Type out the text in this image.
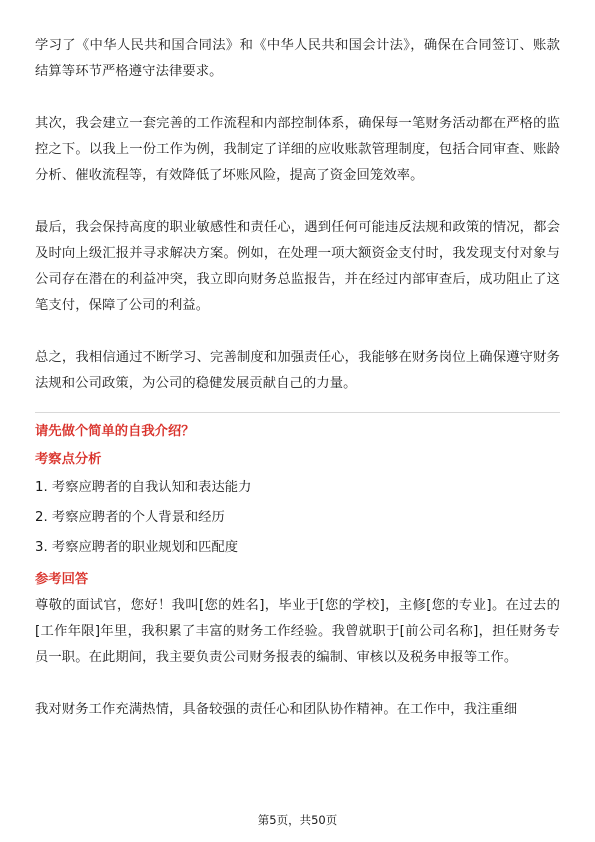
学习了《中华人民共和国合同法》和《中华人民共和国会计法》，确保在合同签订、账款结算等环节严格遵守法律要求。

其次，我会建立一套完善的工作流程和内部控制体系，确保每一笔财务活动都在严格的监控之下。以我上一份工作为例，我制定了详细的应收账款管理制度，包括合同审查、账龄分析、催收流程等，有效降低了坏账风险，提高了资金回笼效率。

最后，我会保持高度的职业敏感性和责任心，遇到任何可能违反法规和政策的情况，都会及时向上级汇报并寻求解决方案。例如，在处理一项大额资金支付时，我发现支付对象与公司存在潜在的利益冲突，我立即向财务总监报告，并在经过内部审查后，成功阻止了这笔支付，保障了公司的利益。

总之，我相信通过不断学习、完善制度和加强责任心，我能够在财务岗位上确保遵守财务法规和公司政策，为公司的稳健发展贡献自己的力量。

请先做个简单的自我介绍？

考察点分析

1. 考察应聘者的自我认知和表达能力

2. 考察应聘者的个人背景和经历

3. 考察应聘者的职业规划和匹配度

参考回答

尊敬的面试官，您好！我叫[您的姓名]，毕业于[您的学校]，主修[您的专业]。在过去的[工作年限]年里，我积累了丰富的财务工作经验。我曾就职于[前公司名称]，担任财务专员一职。在此期间，我主要负责公司财务报表的编制、审核以及税务申报等工作。

我对财务工作充满热情，具备较强的责任心和团队协作精神。在工作中，我注重细

第5页，共50页
